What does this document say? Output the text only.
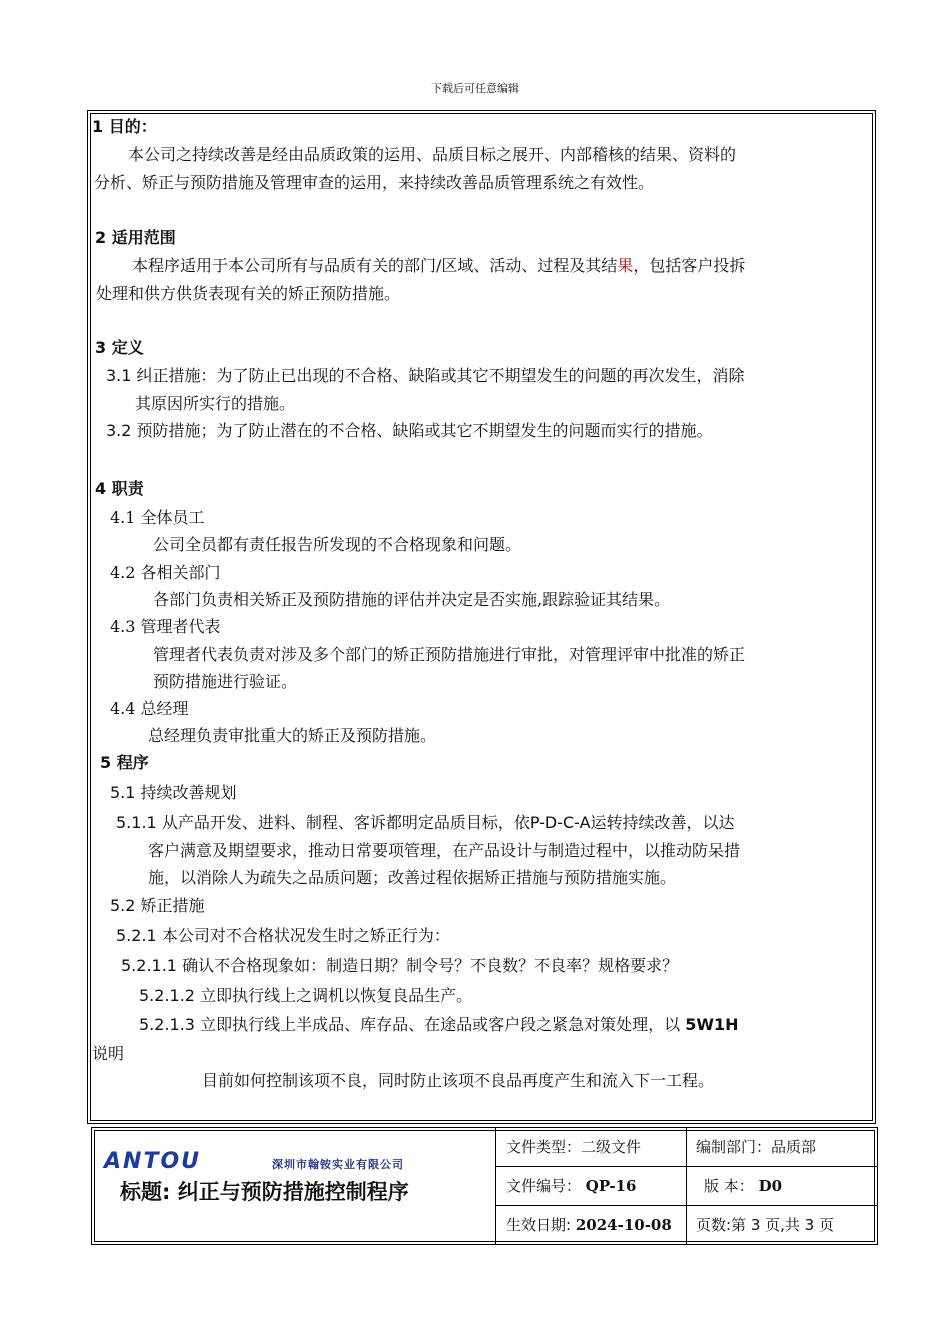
下载后可任意编辑
1 目的：
本公司之持续改善是经由品质政策的运用、品质目标之展开、内部稽核的结果、资料的
分析、矫正与预防措施及管理审查的运用，来持续改善品质管理系统之有效性。
2 适用范围
本程序适用于本公司所有与品质有关的部门/区域、活动、过程及其结果，包括客户投拆
处理和供方供货表现有关的矫正预防措施。
3 定义
3.1 纠正措施：为了防止已出现的不合格、缺陷或其它不期望发生的问题的再次发生，消除
其原因所实行的措施。
3.2 预防措施；为了防止潜在的不合格、缺陷或其它不期望发生的问题而实行的措施。
4 职责
4.1 全体员工
公司全员都有责任报告所发现的不合格现象和问题。
4.2 各相关部门
各部门负责相关矫正及预防措施的评估并决定是否实施,跟踪验证其结果。
4.3 管理者代表
管理者代表负责对涉及多个部门的矫正预防措施进行审批，对管理评审中批准的矫正
预防措施进行验证。
4.4 总经理
总经理负责审批重大的矫正及预防措施。
5 程序
5.1 持续改善规划
5.1.1 从产品开发、进料、制程、客诉都明定品质目标，依P-D-C-A运转持续改善，以达
客户满意及期望要求，推动日常要项管理，在产品设计与制造过程中，以推动防呆措
施，以消除人为疏失之品质问题；改善过程依据矫正措施与预防措施实施。
5.2 矫正措施
5.2.1 本公司对不合格状况发生时之矫正行为：
5.2.1.1 确认不合格现象如：制造日期？制令号？不良数？不良率？规格要求？
5.2.1.2 立即执行线上之调机以恢复良品生产。
5.2.1.3 立即执行线上半成品、库存品、在途品或客户段之紧急对策处理，以 5W1H
说明
目前如何控制该项不良，同时防止该项不良品再度产生和流入下一工程。
ANTOU	深圳市翰铵实业有限公司
标题: 纠正与预防措施控制程序
文件类型：二级文件	编制部门：品质部
文件编号： QP-16	版 本： D0
生效日期: 2024-10-08 页数:第 3 页,共 3 页
